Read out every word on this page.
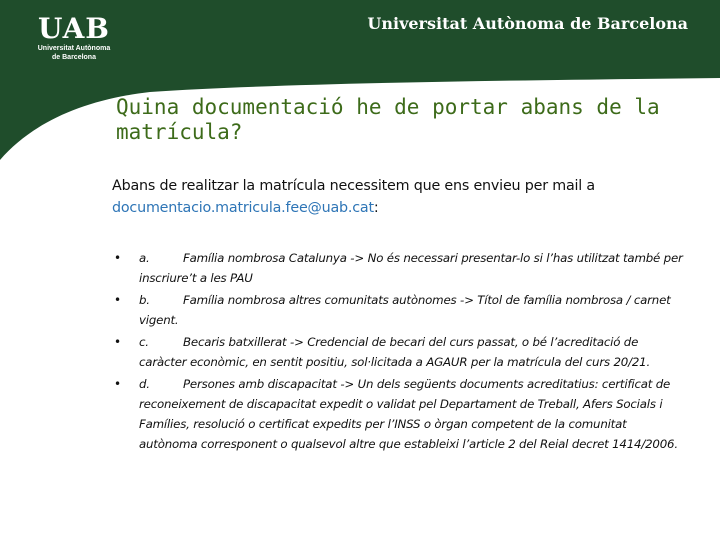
UAB
Universitat Autònoma
de Barcelona
Universitat Autònoma de Barcelona
Quina documentació he de portar abans de la matrícula?
Abans de realitzar la matrícula necessitem que ens envieu per mail a documentacio.matricula.fee@uab.cat:
• a.	Família nombrosa Catalunya -> No és necessari presentar-lo si l’has utilitzat també per inscriure’t a les PAU
• b.	Família nombrosa altres comunitats autònomes -> Títol de família nombrosa / carnet vigent.
• c.	Becaris batxillerat -> Credencial de becari del curs passat, o bé l’acreditació de caràcter econòmic, en sentit positiu, sol·licitada a AGAUR per la matrícula del curs 20/21.
• d.	Persones amb discapacitat -> Un dels següents documents acreditatius: certificat de reconeixement de discapacitat expedit o validat pel Departament de Treball, Afers Socials i Famílies, resolució o certificat expedits per l’INSS o òrgan competent de la comunitat autònoma corresponent o qualsevol altre que estableixi l’article 2 del Reial decret 1414/2006.
